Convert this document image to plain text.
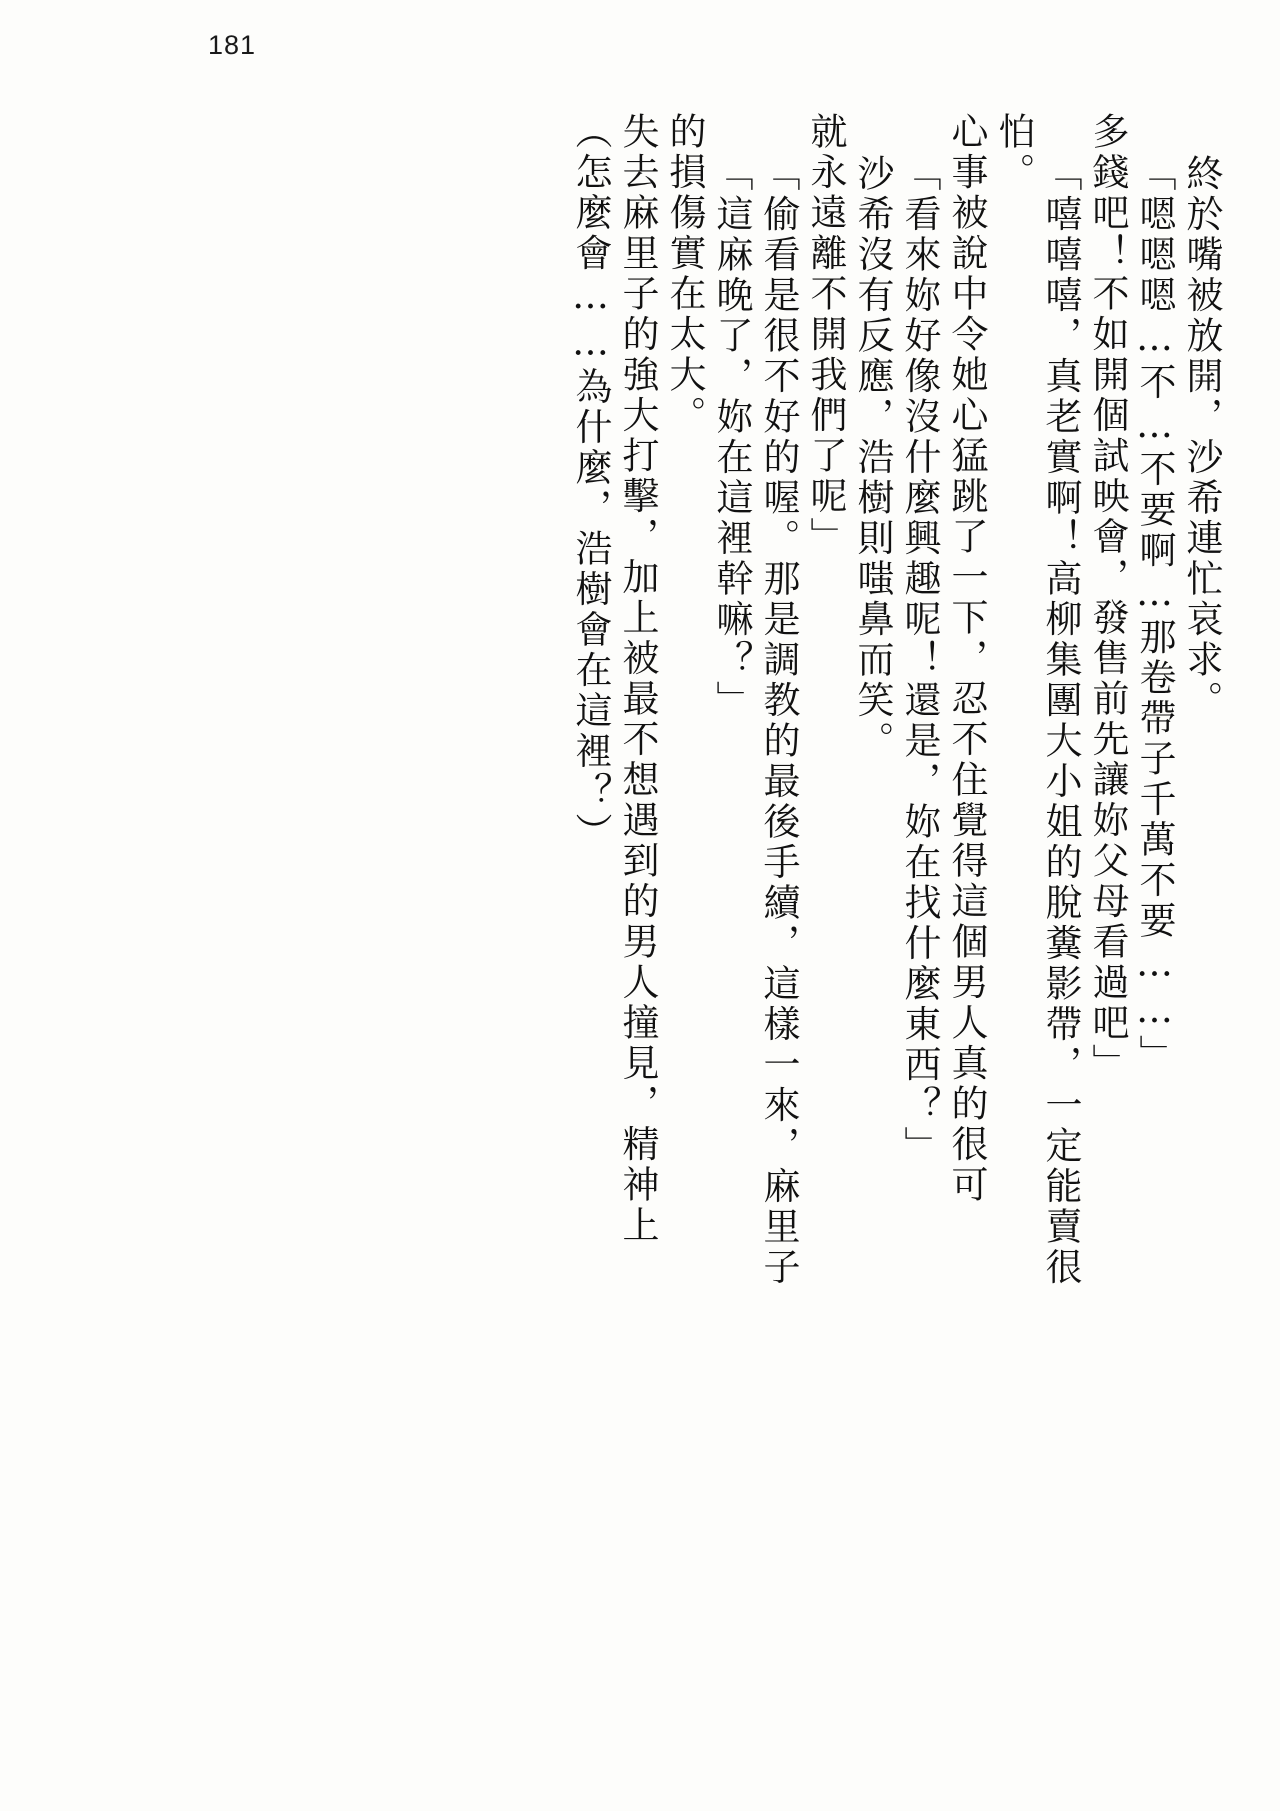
181
（怎麼會……為什麼，浩樹會在這裡？） 失去麻里子的強大打擊，加上被最不想遇到的男人撞見，精神上 的損傷實在太大。 「這麻晚了，妳在這裡幹嘛？」 「偷看是很不好的喔。那是調教的最後手續，這樣一來，麻里子 就永遠離不開我們了呢」 沙希沒有反應，浩樹則嗤鼻而笑。 「看來妳好像沒什麼興趣呢！還是，妳在找什麼東西？」 心事被說中令她心猛跳了一下，忍不住覺得這個男人真的很可 怕。
「嘻嘻嘻，真老實啊！高柳集團大小姐的脫糞影帶，一定能賣很 多錢吧！不如開個試映會，發售前先讓妳父母看過吧」 「嗯嗯嗯…不…不要啊…那卷帶子千萬不要……」 終於嘴被放開，沙希連忙哀求。
